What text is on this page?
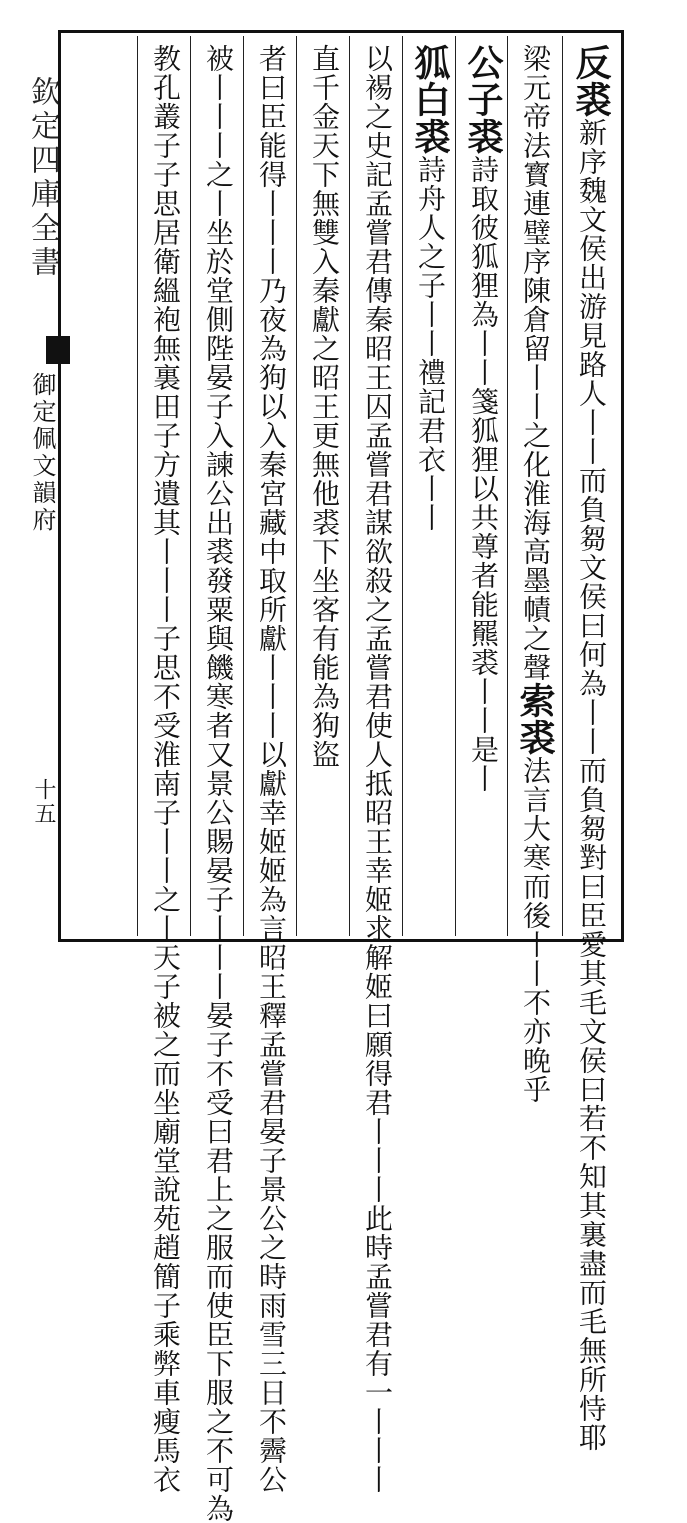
欽定四庫全書
御定佩文韻府
十五
反裘新序魏文侯出游見路人丨丨而負芻文侯曰何為丨丨而負芻對曰臣愛其毛文侯曰若不知其裏盡而毛無所恃耶
梁元帝法寳連璧序陳倉留丨丨之化淮海高墨幘之聲索裘法言大寒而後丨丨不亦晚乎
公子裘詩取彼狐狸為丨丨箋狐狸以共尊者能羆裘丨丨是丨
狐白裘詩舟人之子丨丨禮記君衣丨丨
以裼之史記孟嘗君傳秦昭王囚孟嘗君謀欲殺之孟嘗君使人抵昭王幸姬求解姬曰願得君丨丨丨此時孟嘗君有一丨丨丨
直千金天下無雙入秦獻之昭王更無他裘下坐客有能為狗盜
者曰臣能得丨丨丨乃夜為狗以入秦宮藏中取所獻丨丨丨以獻幸姬姬為言昭王釋孟嘗君晏子景公之時雨雪三日不霽公
被丨丨丨之丨坐於堂側陛晏子入諫公出裘發粟與饑寒者又景公賜晏子丨丨丨晏子不受曰君上之服而使臣下服之不可為
教孔叢子子思居衛縕袍無裏田子方遺其丨丨丨子思不受淮南子丨丨之丨天子被之而坐廟堂說苑趙簡子乘弊車瘦馬衣
